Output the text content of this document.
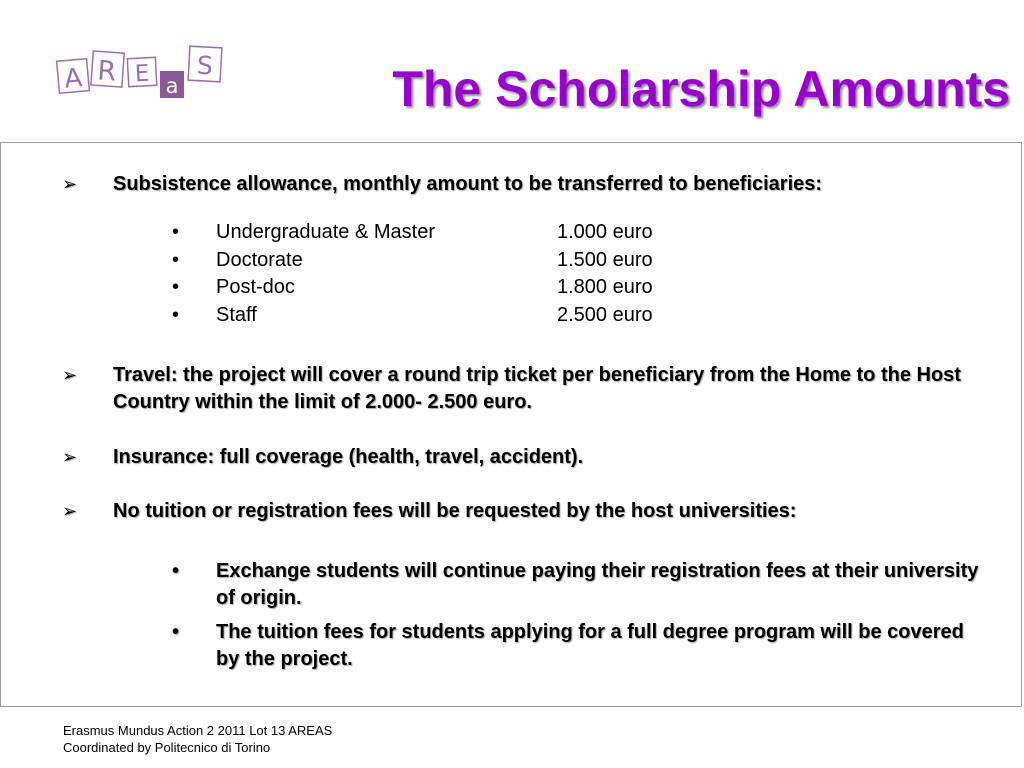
A R E a
S	The Scholarship Amounts
➢ Subsistence allowance, monthly amount to be transferred to beneficiaries:
• Undergraduate & Master	1.000 euro
• Doctorate	1.500 euro
• Post-doc	1.800 euro
• Staff	2.500 euro
➢ Travel: the project will cover a round trip ticket per beneficiary from the Home to the Host Country within the limit of 2.000- 2.500 euro.
➢ Insurance: full coverage (health, travel, accident).
➢ No tuition or registration fees will be requested by the host universities:
• Exchange students will continue paying their registration fees at their university of origin.
• The tuition fees for students applying for a full degree program will be covered by the project.
Erasmus Mundus Action 2 2011 Lot 13 AREAS
Coordinated by Politecnico di Torino
